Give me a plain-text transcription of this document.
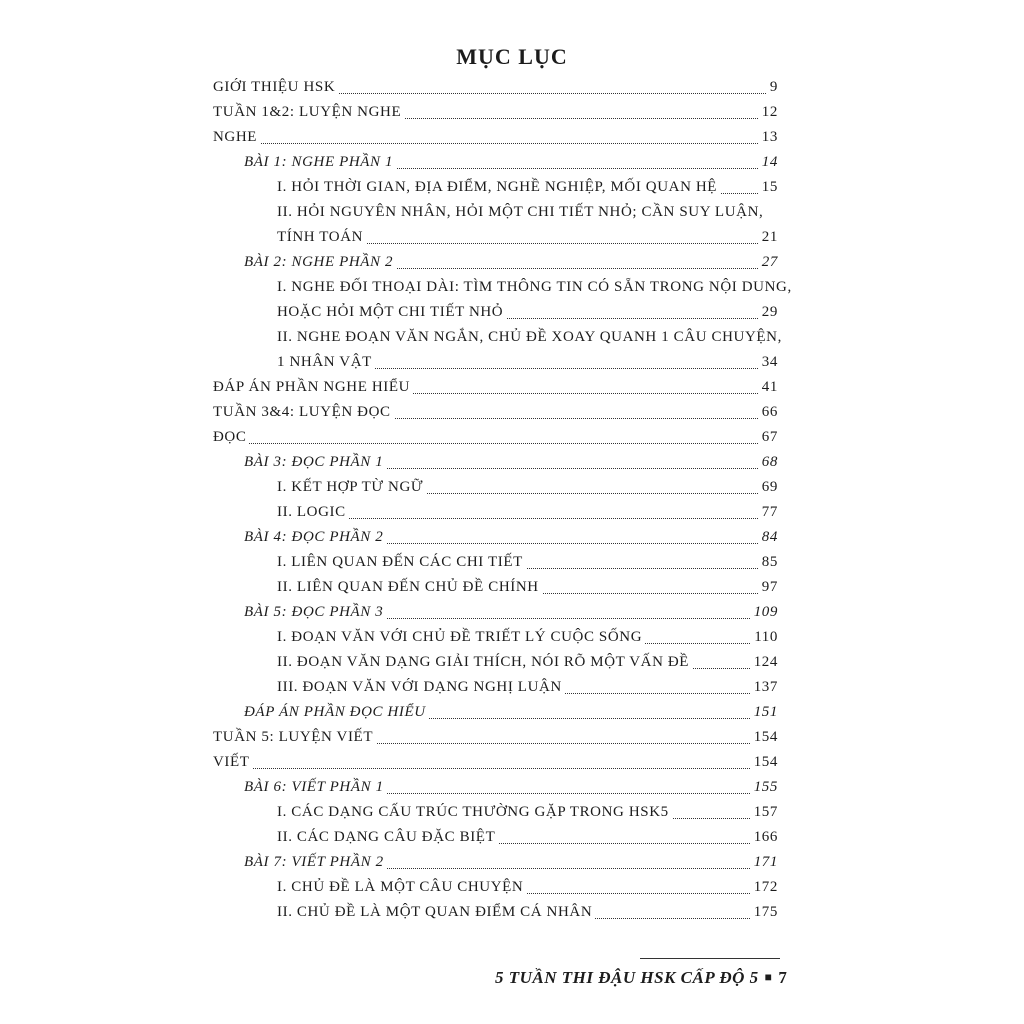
MỤC LỤC
GIỚI THIỆU HSK	9
TUẦN 1&2: LUYỆN NGHE	12
NGHE	13
BÀI 1: NGHE PHẦN 1	14
I. HỎI THỜI GIAN, ĐỊA ĐIỂM, NGHỀ NGHIỆP, MỐI QUAN HỆ	15
II. HỎI NGUYÊN NHÂN, HỎI MỘT CHI TIẾT NHỎ; CẦN SUY LUẬN,
TÍNH TOÁN	21
BÀI 2: NGHE PHẦN 2	27
I. NGHE ĐỐI THOẠI DÀI: TÌM THÔNG TIN CÓ SẴN TRONG NỘI DUNG,
HOẶC HỎI MỘT CHI TIẾT NHỎ	29
II. NGHE ĐOẠN VĂN NGẮN, CHỦ ĐỀ XOAY QUANH 1 CÂU CHUYỆN,
1 NHÂN VẬT	34
ĐÁP ÁN PHẦN NGHE HIỂU	41
TUẦN 3&4: LUYỆN ĐỌC	66
ĐỌC	67
BÀI 3: ĐỌC PHẦN 1	68
I. KẾT HỢP TỪ NGỮ	69
II. LOGIC	77
BÀI 4: ĐỌC PHẦN 2	84
I. LIÊN QUAN ĐẾN CÁC CHI TIẾT	85
II. LIÊN QUAN ĐẾN CHỦ ĐỀ CHÍNH	97
BÀI 5: ĐỌC PHẦN 3	109
I. ĐOẠN VĂN VỚI CHỦ ĐỀ TRIẾT LÝ CUỘC SỐNG	110
II. ĐOẠN VĂN DẠNG GIẢI THÍCH, NÓI RÕ MỘT VẤN ĐỀ	124
III. ĐOẠN VĂN VỚI DẠNG NGHỊ LUẬN	137
ĐÁP ÁN PHẦN ĐỌC HIỂU	151
TUẦN 5: LUYỆN VIẾT	154
VIẾT	154
BÀI 6: VIẾT PHẦN 1	155
I. CÁC DẠNG CẤU TRÚC THƯỜNG GẶP TRONG HSK5	157
II. CÁC DẠNG CÂU ĐẶC BIỆT	166
BÀI 7: VIẾT PHẦN 2	171
I. CHỦ ĐỀ LÀ MỘT CÂU CHUYỆN	172
II. CHỦ ĐỀ LÀ MỘT QUAN ĐIỂM CÁ NHÂN	175
5 TUẦN THI ĐẬU HSK CẤP ĐỘ 5 ■ 7
